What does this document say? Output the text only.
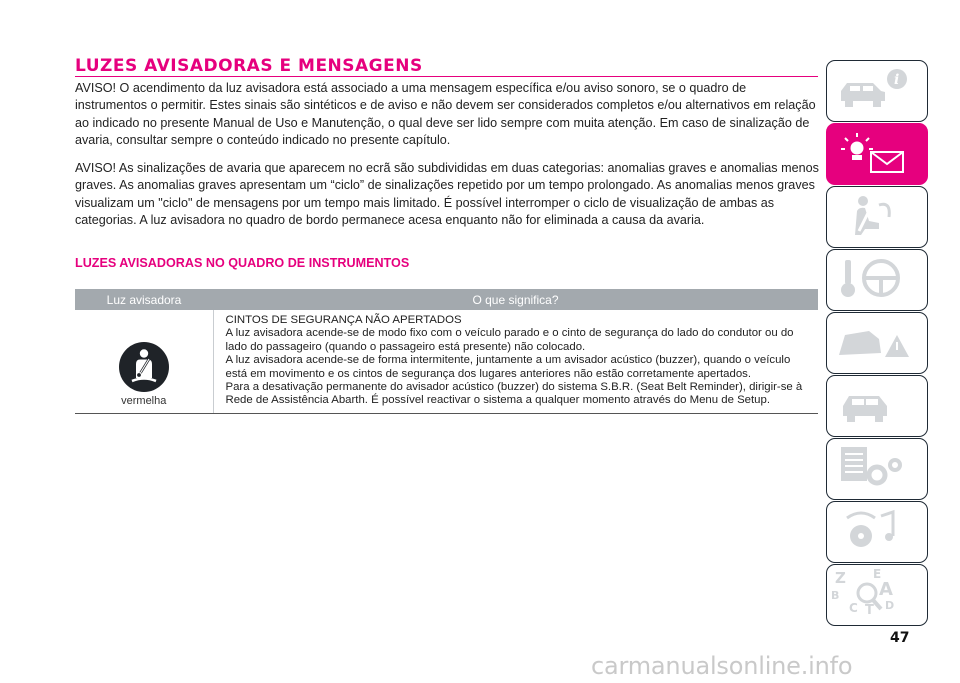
LUZES AVISADORAS E MENSAGENS

AVISO! O acendimento da luz avisadora está associado a uma mensagem específica e/ou aviso sonoro, se o quadro de instrumentos o permitir. Estes sinais são sintéticos e de aviso e não devem ser considerados completos e/ou alternativos em relação ao indicado no presente Manual de Uso e Manutenção, o qual deve ser lido sempre com muita atenção. Em caso de sinalização de avaria, consultar sempre o conteúdo indicado no presente capítulo.

AVISO! As sinalizações de avaria que aparecem no ecrã são subdivididas em duas categorias: anomalias graves e anomalias menos graves. As anomalias graves apresentam um “ciclo” de sinalizações repetido por um tempo prolongado. As anomalias menos graves visualizam um "ciclo" de mensagens por um tempo mais limitado. É possível interromper o ciclo de visualização de ambas as categorias. A luz avisadora no quadro de bordo permanece acesa enquanto não for eliminada a causa da avaria.

LUZES AVISADORAS NO QUADRO DE INSTRUMENTOS
Luz avisadora	O que significa?

vermelha	CINTOS DE SEGURANÇA NÃO APERTADOS
A luz avisadora acende-se de modo fixo com o veículo parado e o cinto de segurança do lado do condutor ou do lado do passageiro (quando o passageiro está presente) não colocado.
A luz avisadora acende-se de forma intermitente, juntamente a um avisador acústico (buzzer), quando o veículo está em movimento e os cintos de segurança dos lugares anteriores não estão corretamente apertados.
Para a desativação permanente do avisador acústico (buzzer) do sistema S.B.R. (Seat Belt Reminder), dirigir-se à Rede de Assistência Abarth. É possível reactivar o sistema a qualquer momento através do Menu de Setup.
i
Z E
A
B
C T D
47
carmanualsonline.info
